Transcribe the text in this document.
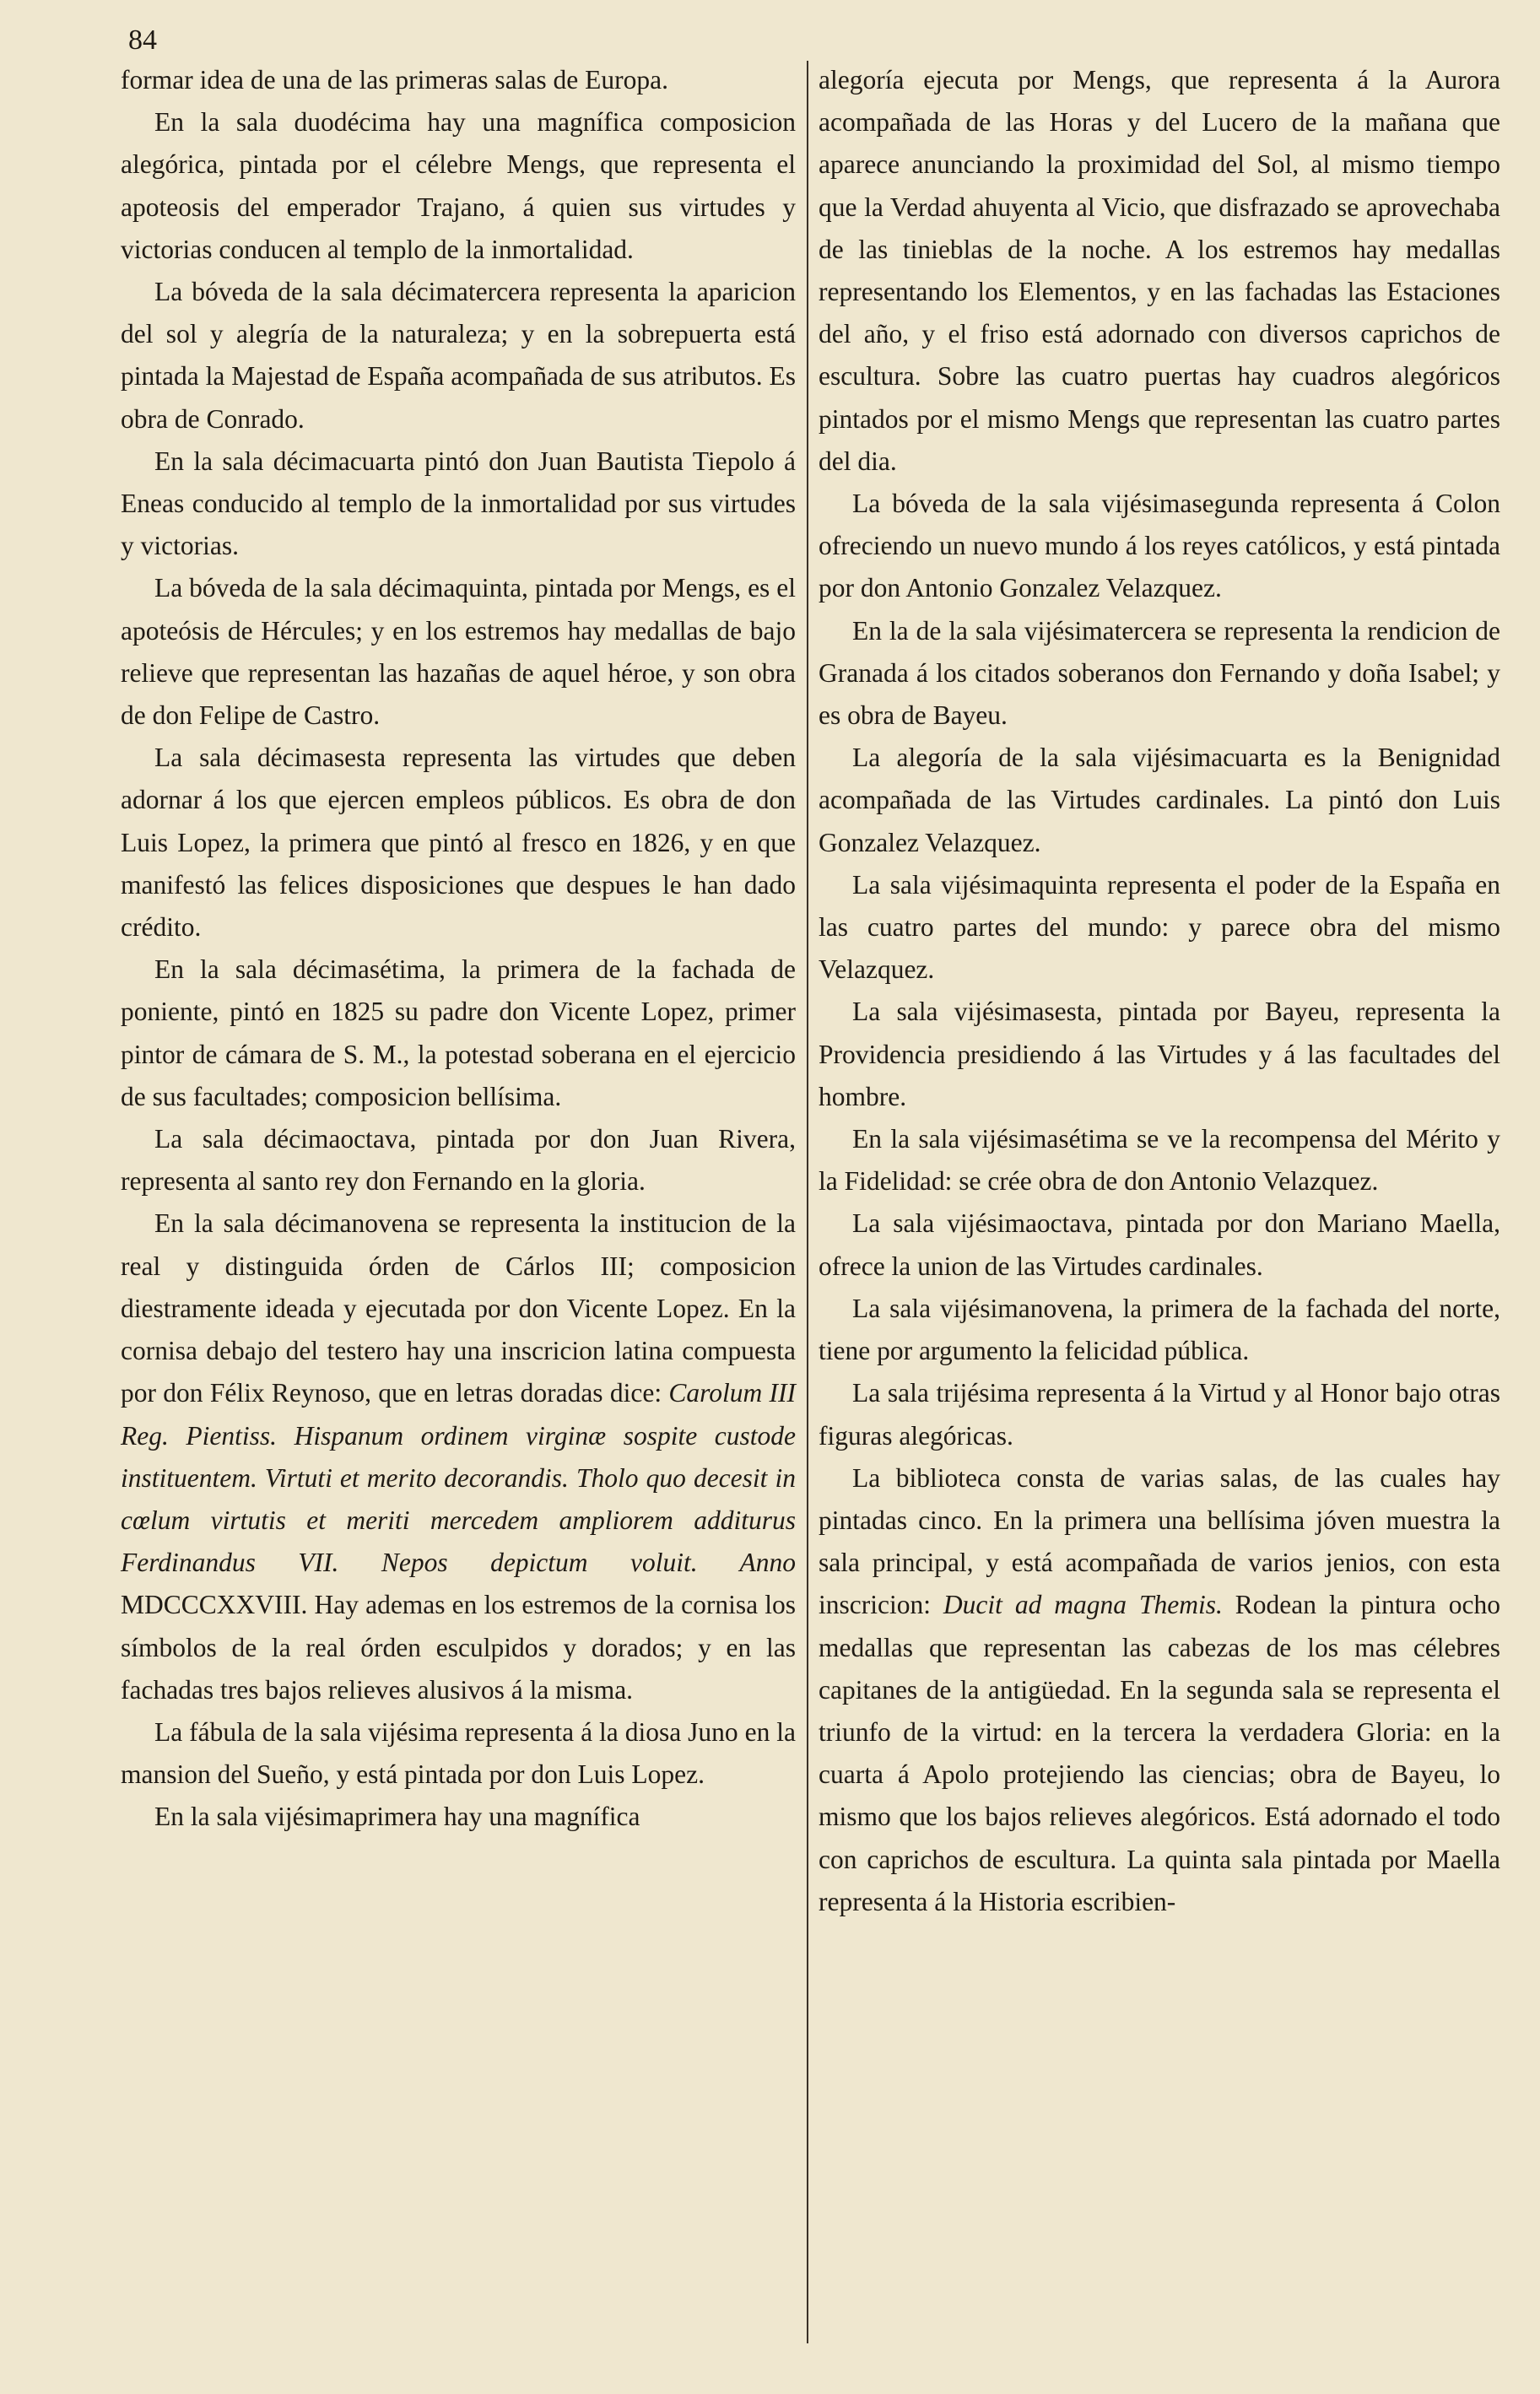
84

formar idea de una de las primeras salas de Europa.

En la sala duodécima hay una magnífica composicion alegórica, pintada por el célebre Mengs, que representa el apoteosis del emperador Trajano, á quien sus virtudes y victorias conducen al templo de la inmortalidad.

La bóveda de la sala décimatercera representa la aparicion del sol y alegría de la naturaleza; y en la sobrepuerta está pintada la Majestad de España acompañada de sus atributos. Es obra de Conrado.

En la sala décimacuarta pintó don Juan Bautista Tiepolo á Eneas conducido al templo de la inmortalidad por sus virtudes y victorias.

La bóveda de la sala décimaquinta, pintada por Mengs, es el apoteósis de Hércules; y en los estremos hay medallas de bajo relieve que representan las hazañas de aquel héroe, y son obra de don Felipe de Castro.

La sala décimasesta representa las virtudes que deben adornar á los que ejercen empleos públicos. Es obra de don Luis Lopez, la primera que pintó al fresco en 1826, y en que manifestó las felices disposiciones que despues le han dado crédito.

En la sala décimasétima, la primera de la fachada de poniente, pintó en 1825 su padre don Vicente Lopez, primer pintor de cámara de S. M., la potestad soberana en el ejercicio de sus facultades; composicion bellísima.

La sala décimaoctava, pintada por don Juan Rivera, representa al santo rey don Fernando en la gloria.

En la sala décimanovena se representa la institucion de la real y distinguida órden de Cárlos III; composicion diestramente ideada y ejecutada por don Vicente Lopez. En la cornisa debajo del testero hay una inscricion latina compuesta por don Félix Reynoso, que en letras doradas dice: Carolum III Reg. Pientiss. Hispanum ordinem virginæ sospite custode instituentem. Virtuti et merito decorandis. Tholo quo decesit in cœlum virtutis et meriti mercedem ampliorem additurus Ferdinandus VII. Nepos depictum voluit. Anno MDCCCXXVIII. Hay ademas en los estremos de la cornisa los símbolos de la real órden esculpidos y dorados; y en las fachadas tres bajos relieves alusivos á la misma.

La fábula de la sala vijésima representa á la diosa Juno en la mansion del Sueño, y está pintada por don Luis Lopez.

En la sala vijésimaprimera hay una magnífica

alegoría ejecuta por Mengs, que representa á la Aurora acompañada de las Horas y del Lucero de la mañana que aparece anunciando la proximidad del Sol, al mismo tiempo que la Verdad ahuyenta al Vicio, que disfrazado se aprovechaba de las tinieblas de la noche. A los estremos hay medallas representando los Elementos, y en las fachadas las Estaciones del año, y el friso está adornado con diversos caprichos de escultura. Sobre las cuatro puertas hay cuadros alegóricos pintados por el mismo Mengs que representan las cuatro partes del dia.

La bóveda de la sala vijésimasegunda representa á Colon ofreciendo un nuevo mundo á los reyes católicos, y está pintada por don Antonio Gonzalez Velazquez.

En la de la sala vijésimatercera se representa la rendicion de Granada á los citados soberanos don Fernando y doña Isabel; y es obra de Bayeu.

La alegoría de la sala vijésimacuarta es la Benignidad acompañada de las Virtudes cardinales. La pintó don Luis Gonzalez Velazquez.

La sala vijésimaquinta representa el poder de la España en las cuatro partes del mundo: y parece obra del mismo Velazquez.

La sala vijésimasesta, pintada por Bayeu, representa la Providencia presidiendo á las Virtudes y á las facultades del hombre.

En la sala vijésimasétima se ve la recompensa del Mérito y la Fidelidad: se crée obra de don Antonio Velazquez.

La sala vijésimaoctava, pintada por don Mariano Maella, ofrece la union de las Virtudes cardinales.

La sala vijésimanovena, la primera de la fachada del norte, tiene por argumento la felicidad pública.

La sala trijésima representa á la Virtud y al Honor bajo otras figuras alegóricas.

La biblioteca consta de varias salas, de las cuales hay pintadas cinco. En la primera una bellísima jóven muestra la sala principal, y está acompañada de varios jenios, con esta inscricion: Ducit ad magna Themis. Rodean la pintura ocho medallas que representan las cabezas de los mas célebres capitanes de la antigüedad. En la segunda sala se representa el triunfo de la virtud: en la tercera la verdadera Gloria: en la cuarta á Apolo protejiendo las ciencias; obra de Bayeu, lo mismo que los bajos relieves alegóricos. Está adornado el todo con caprichos de escultura. La quinta sala pintada por Maella representa á la Historia escribien-
